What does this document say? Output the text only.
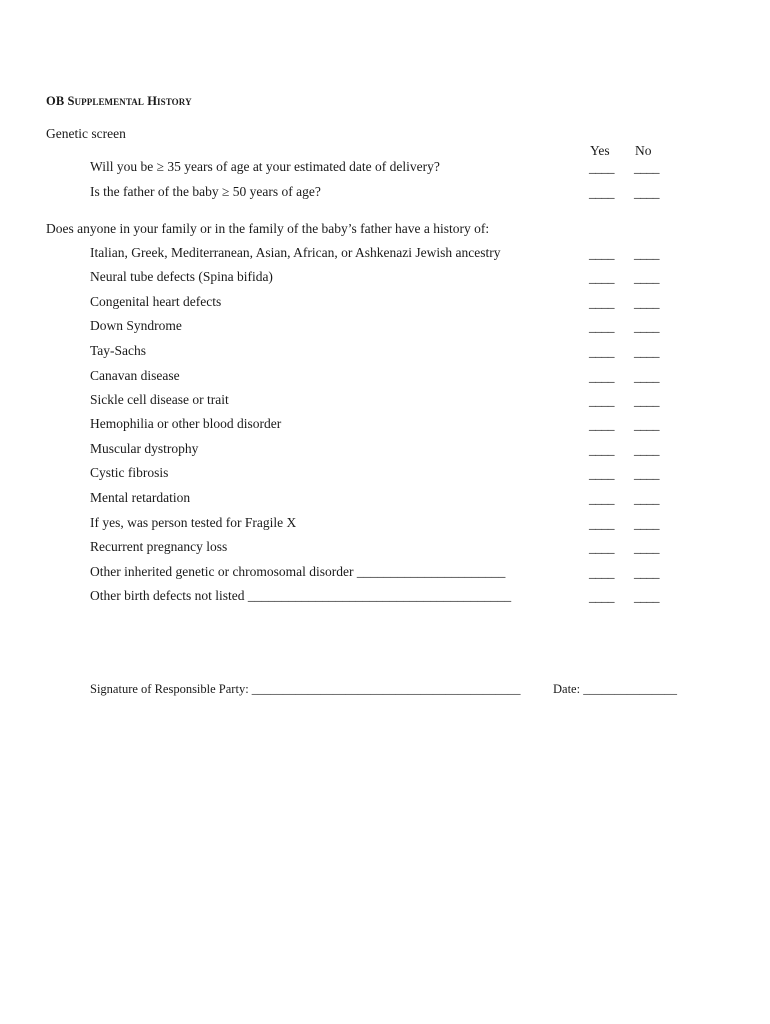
OB Supplemental History
Genetic screen
Yes No
Will you be ≥ 35 years of age at your estimated date of delivery?	____ ____
Is the father of the baby ≥ 50 years of age?	____ ____
Does anyone in your family or in the family of the baby’s father have a history of:
Italian, Greek, Mediterranean, Asian, African, or Ashkenazi Jewish ancestry	____ ____
Neural tube defects (Spina bifida)	____ ____
Congenital heart defects	____ ____
Down Syndrome	____ ____
Tay-Sachs	____ ____
Canavan disease	____ ____
Sickle cell disease or trait	____ ____
Hemophilia or other blood disorder	____ ____
Muscular dystrophy	____ ____
Cystic fibrosis	____ ____
Mental retardation	____ ____
If yes, was person tested for Fragile X	____ ____
Recurrent pregnancy loss	____ ____
Other inherited genetic or chromosomal disorder ______________________	____ ____
Other birth defects not listed _______________________________________	____ ____
Signature of Responsible Party: ___________________________________________	Date: _______________
